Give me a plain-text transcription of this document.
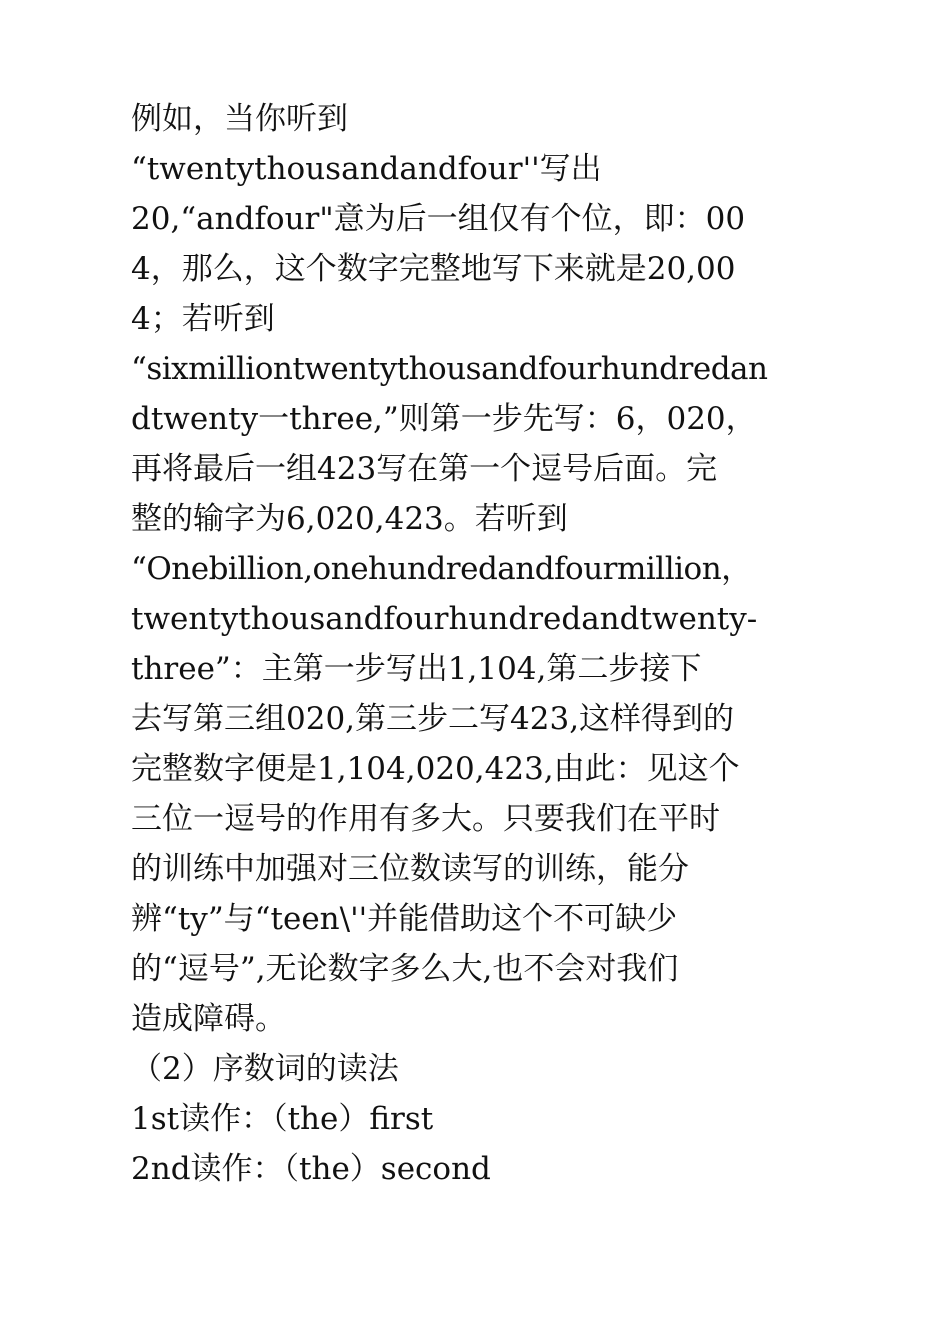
例如，当你听到
“twentythousandandfour''写出
20,“andfour"意为后一组仅有个位，即：00
4，那么，这个数字完整地写下来就是20,00
4；若听到
“sixmilliontwentythousandfourhundredan
dtwenty一three,”则第一步先写：6，020，
再将最后一组423写在第一个逗号后面。完
整的输字为6,020,423。若听到
“Onebillion,onehundredandfourmillion，
twentythousandfourhundredandtwenty-
three”：主第一步写出1,104,第二步接下
去写第三组020,第三步二写423,这样得到的
完整数字便是1,104,020,423,由此：见这个
三位一逗号的作用有多大。只要我们在平时
的训练中加强对三位数读写的训练，能分
辨“ty”与“teen\''并能借助这个不可缺少
的“逗号”,无论数字多么大,也不会对我们
造成障碍。
（2）序数词的读法
1st读作：（the）first
2nd读作：（the）second
